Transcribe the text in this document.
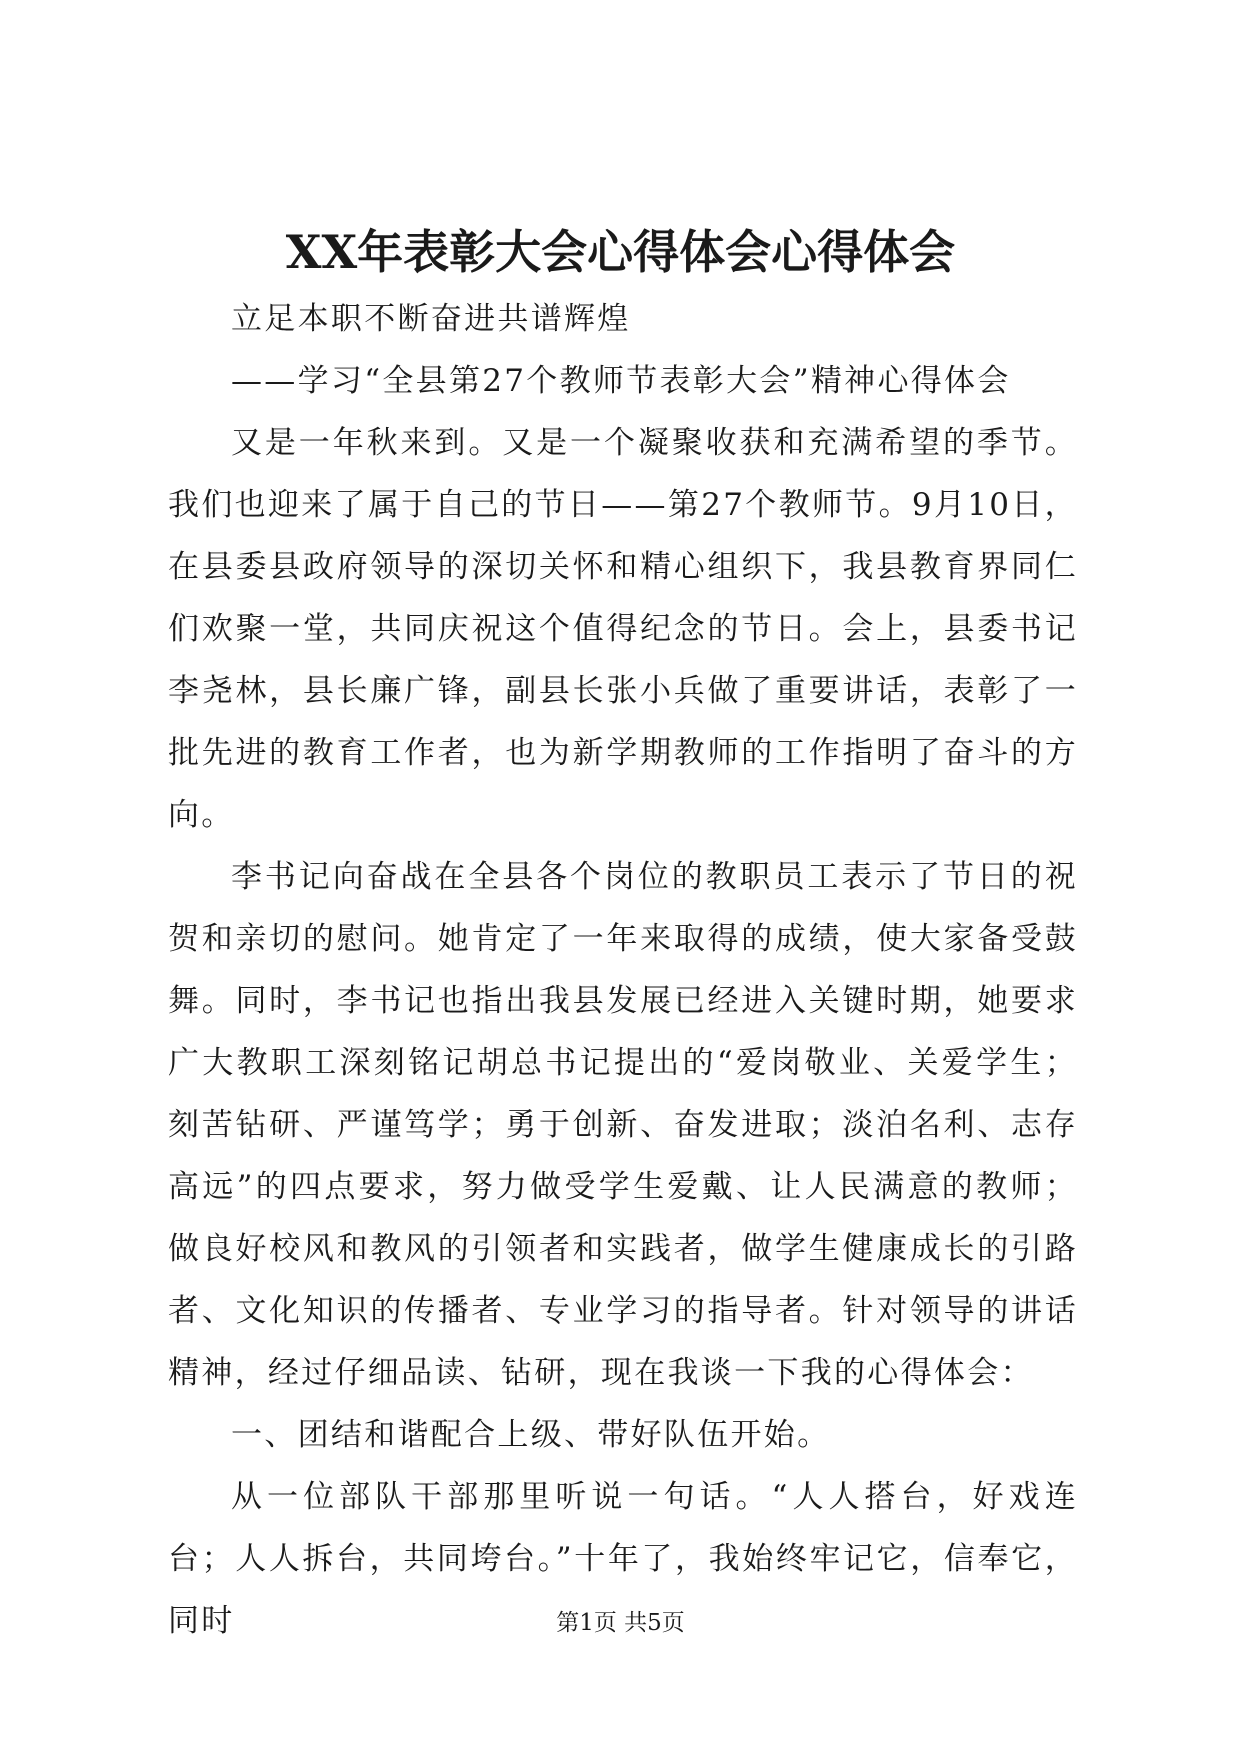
XX年表彰大会心得体会心得体会

立足本职不断奋进共谱辉煌

——学习“全县第27个教师节表彰大会”精神心得体会

又是一年秋来到。又是一个凝聚收获和充满希望的季节。我们也迎来了属于自己的节日——第27个教师节。9月10日，在县委县政府领导的深切关怀和精心组织下，我县教育界同仁们欢聚一堂，共同庆祝这个值得纪念的节日。会上，县委书记李尧林，县长廉广锋，副县长张小兵做了重要讲话，表彰了一批先进的教育工作者，也为新学期教师的工作指明了奋斗的方向。

李书记向奋战在全县各个岗位的教职员工表示了节日的祝贺和亲切的慰问。她肯定了一年来取得的成绩，使大家备受鼓舞。同时，李书记也指出我县发展已经进入关键时期，她要求广大教职工深刻铭记胡总书记提出的“爱岗敬业、关爱学生；刻苦钻研、严谨笃学；勇于创新、奋发进取；淡泊名利、志存高远”的四点要求，努力做受学生爱戴、让人民满意的教师；做良好校风和教风的引领者和实践者，做学生健康成长的引路者、文化知识的传播者、专业学习的指导者。针对领导的讲话精神，经过仔细品读、钻研，现在我谈一下我的心得体会：

一、团结和谐配合上级、带好队伍开始。

从一位部队干部那里听说一句话。“人人搭台，好戏连台；人人拆台，共同垮台。”十年了，我始终牢记它，信奉它，同时	第1页 共5页
